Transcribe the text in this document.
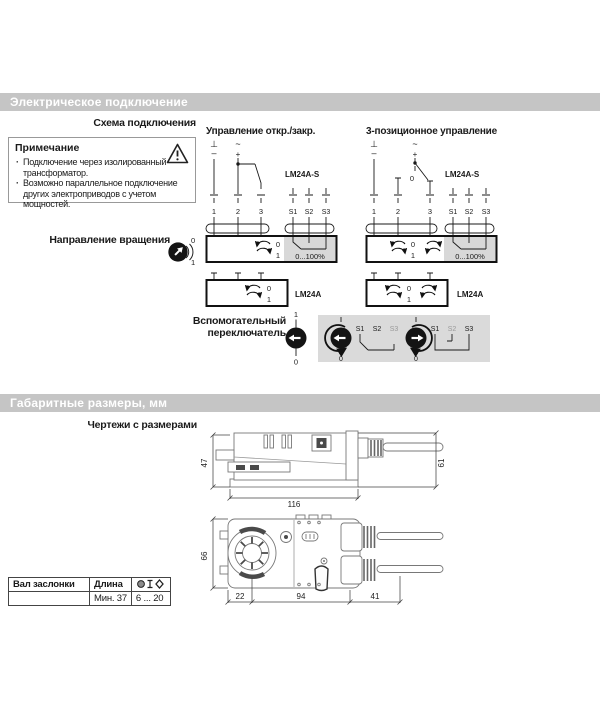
Электрическое подключение
Схема подключения
Примечание
· Подключение через изолированный трансформатор.
· Возможно параллельное подключение других электроприводов с учетом мощностей.
Управление откр./закр.	3-позиционное управление
⊥
–
~
+
1	2	3	S1 S2 S3
0
1 0...100%
LM24A-S
0
1
LM24A
⊥
–
~
+
0
1	2	3 S1 S2 S3
0
1	0...100%
LM24A-S
0
1
LM24A
Направление вращения	0
1
Вспомогательный
переключатель
1
0	0
S1 S2 S3
0
S1 S2 S3
Габаритные размеры, мм
Чертежи с размерами
47
116
61
66
22	94	41
Вал заслонки	Длина	
	Мин. 37	6 ... 20
